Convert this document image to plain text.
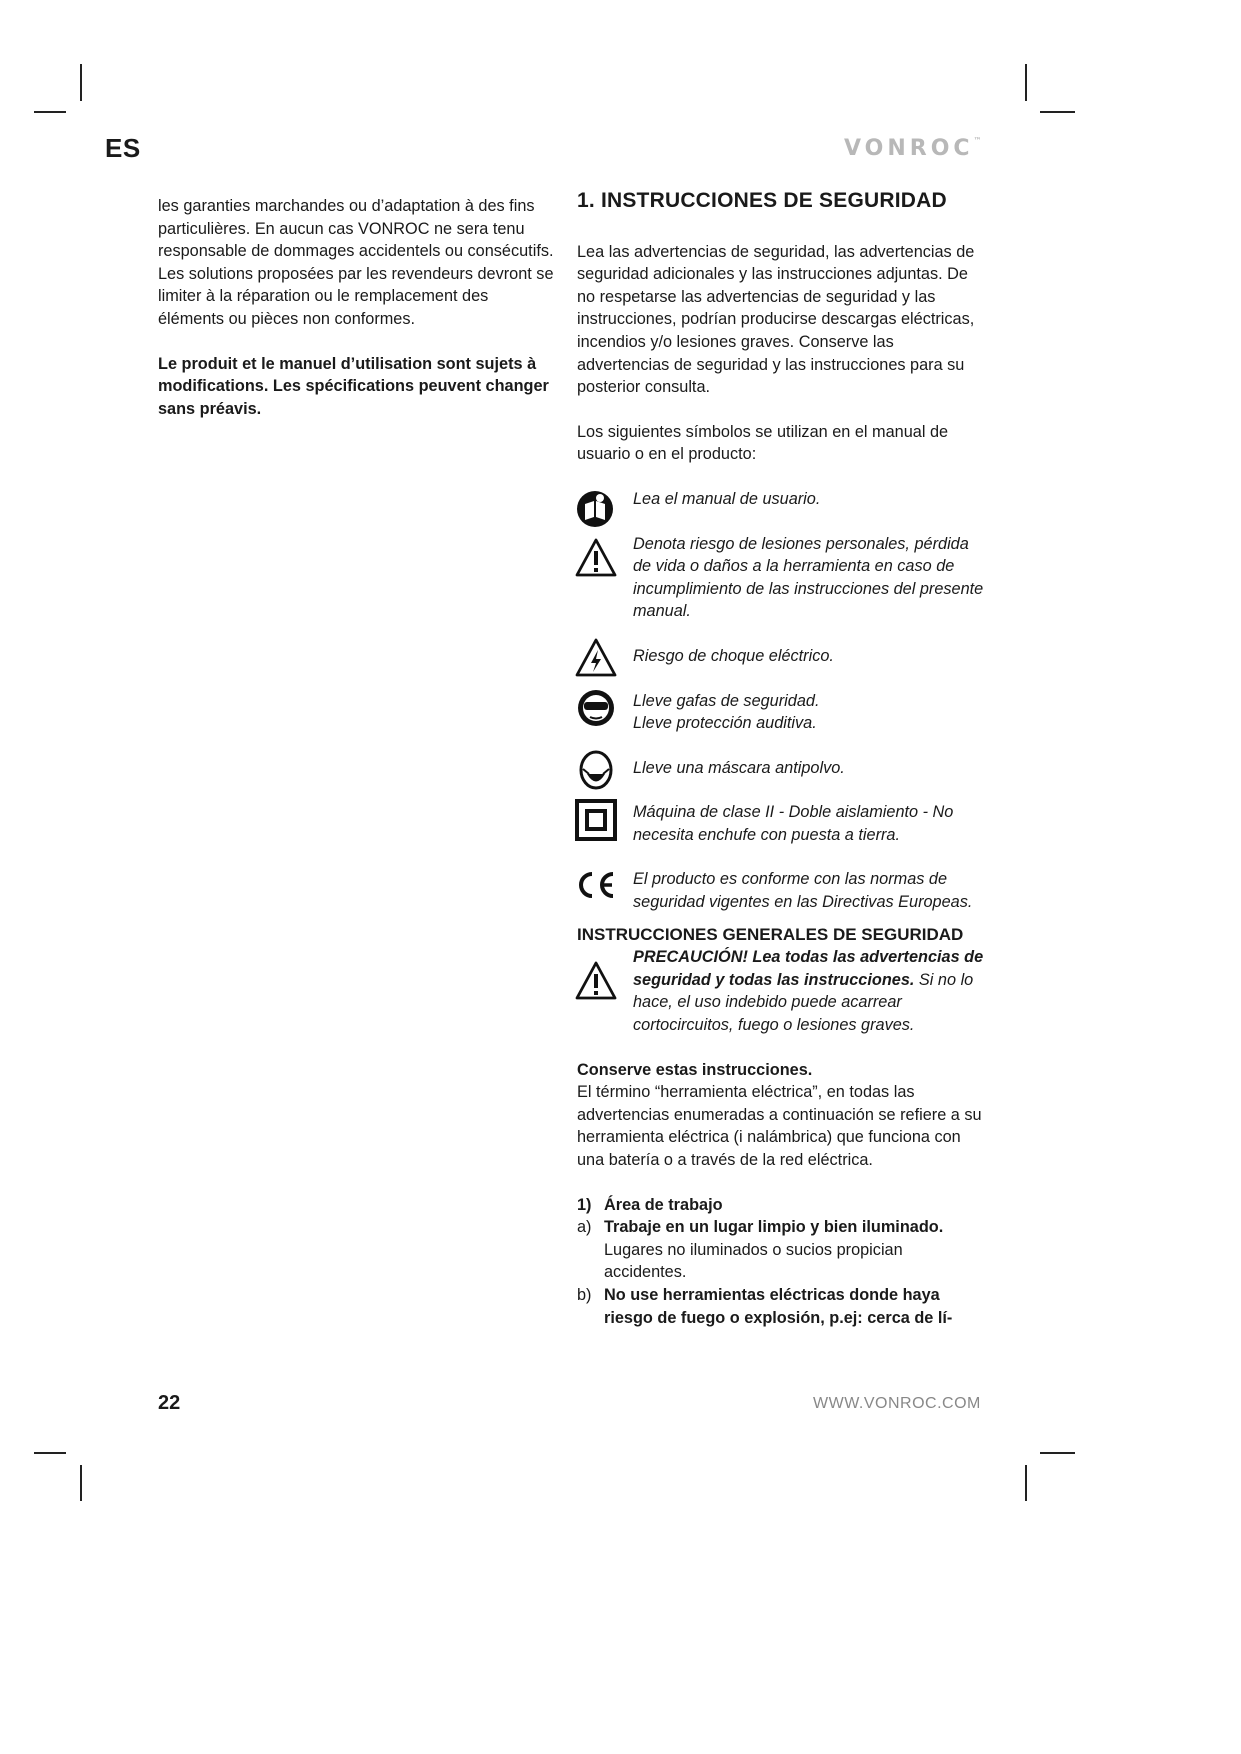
ES	VONROC™

les garanties marchandes ou d’adaptation à des fins particulières. En aucun cas VONROC ne sera tenu responsable de dommages accidentels ou consécutifs. Les solutions proposées par les revendeurs devront se limiter à la réparation ou le remplacement des éléments ou pièces non conformes.

Le produit et le manuel d’utilisation sont sujets à modifications. Les spécifications peuvent changer sans préavis.

1. INSTRUCCIONES DE SEGURIDAD

Lea las advertencias de seguridad, las advertencias de seguridad adicionales y las instrucciones adjuntas. De no respetarse las advertencias de seguridad y las instrucciones, podrían producirse descargas eléctricas, incendios y/o lesiones graves. Conserve las advertencias de seguridad y las instrucciones para su posterior consulta.

Los siguientes símbolos se utilizan en el manual de usuario o en el producto:

Lea el manual de usuario.
Denota riesgo de lesiones personales, pérdida de vida o daños a la herramienta en caso de incumplimiento de las instrucciones del presente manual.
Riesgo de choque eléctrico.
Lleve gafas de seguridad.
Lleve protección auditiva.
Lleve una máscara antipolvo.
Máquina de clase II - Doble aislamiento - No necesita enchufe con puesta a tierra.
El producto es conforme con las normas de seguridad vigentes en las Directivas Europeas.
INSTRUCCIONES GENERALES DE SEGURIDAD
PRECAUCIÓN! Lea todas las advertencias de seguridad y todas las instrucciones. Si no lo hace, el uso indebido puede acarrear cortocircuitos, fuego o lesiones graves.

Conserve estas instrucciones.

El término “herramienta eléctrica”, en todas las advertencias enumeradas a continuación se refiere a su herramienta eléctrica (i nalámbrica) que funciona con una batería o a través de la red eléctrica.

1) Área de trabajo
a) Trabaje en un lugar limpio y bien iluminado. Lugares no iluminados o sucios propician accidentes.
b) No use herramientas eléctricas donde haya riesgo de fuego o explosión, p.ej: cerca de lí-
22	WWW.VONROC.COM
